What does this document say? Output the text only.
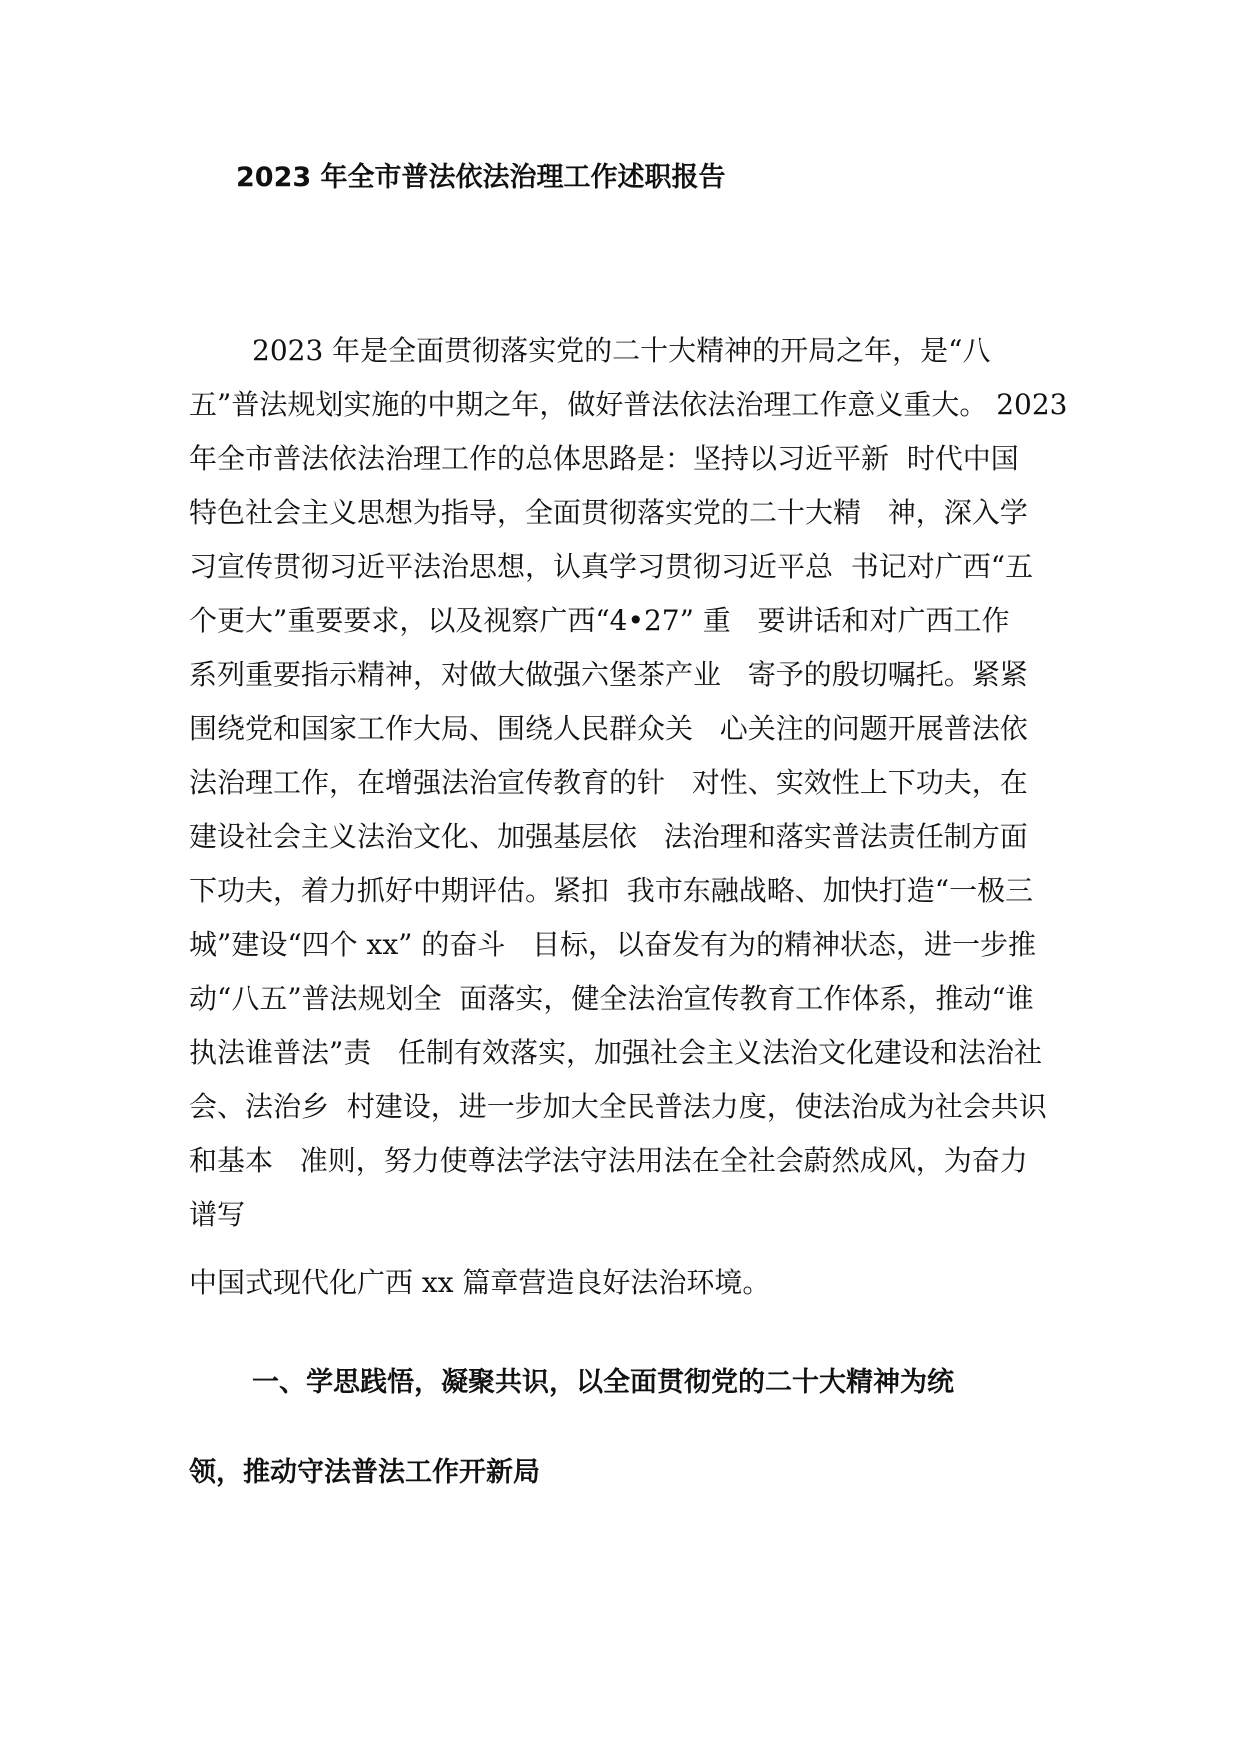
2023 年全市普法依法治理工作述职报告
2023 年是全面贯彻落实党的二十大精神的开局之年，是“八
五”普法规划实施的中期之年，做好普法依法治理工作意义重大。 2023
年全市普法依法治理工作的总体思路是：坚持以习近平新  时代中国
特色社会主义思想为指导，全面贯彻落实党的二十大精   神，深入学
习宣传贯彻习近平法治思想，认真学习贯彻习近平总  书记对广西“五
个更大”重要要求，以及视察广西“4•27” 重   要讲话和对广西工作
系列重要指示精神，对做大做强六堡茶产业   寄予的殷切嘱托。紧紧
围绕党和国家工作大局、围绕人民群众关   心关注的问题开展普法依
法治理工作，在增强法治宣传教育的针   对性、实效性上下功夫，在
建设社会主义法治文化、加强基层依   法治理和落实普法责任制方面
下功夫，着力抓好中期评估。紧扣  我市东融战略、加快打造“一极三
城”建设“四个 xx” 的奋斗   目标，以奋发有为的精神状态，进一步推
动“八五”普法规划全  面落实，健全法治宣传教育工作体系，推动“谁
执法谁普法”责   任制有效落实，加强社会主义法治文化建设和法治社
会、法治乡  村建设，进一步加大全民普法力度，使法治成为社会共识
和基本   准则，努力使尊法学法守法用法在全社会蔚然成风，为奋力
谱写
中国式现代化广西 xx 篇章营造良好法治环境。
一、学思践悟，凝聚共识，以全面贯彻党的二十大精神为统
领，推动守法普法工作开新局
